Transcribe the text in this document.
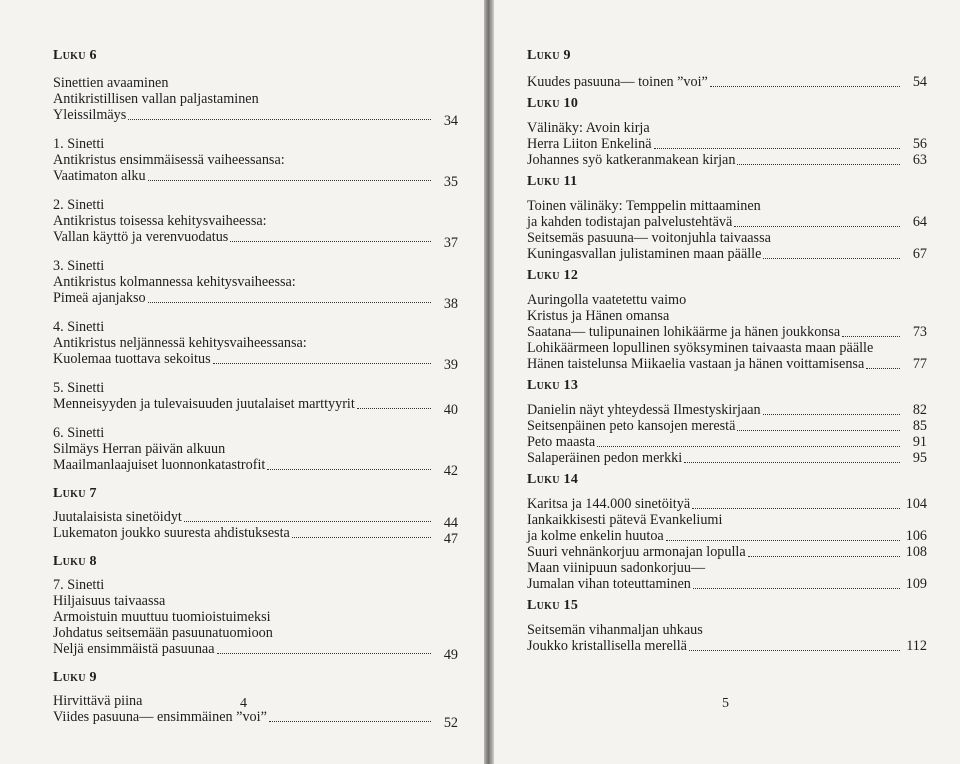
Luku 6
Sinettien avaaminen
Antikristillisen vallan paljastaminen
Yleissilmäys	34
1. Sinetti
Antikristus ensimmäisessä vaiheessansa:
Vaatimaton alku	35
2. Sinetti
Antikristus toisessa kehitysvaiheessa:
Vallan käyttö ja verenvuodatus	37
3. Sinetti
Antikristus kolmannessa kehitysvaiheessa:
Pimeä ajanjakso	38
4. Sinetti
Antikristus neljännessä kehitysvaiheessansa:
Kuolemaa tuottava sekoitus	39
5. Sinetti
Menneisyyden ja tulevaisuuden juutalaiset marttyyrit	40
6. Sinetti
Silmäys Herran päivän alkuun
Maailmanlaajuiset luonnonkatastrofit	42
Luku 7
Juutalaisista sinetöidyt	44
Lukematon joukko suuresta ahdistuksesta	47
Luku 8
7. Sinetti
Hiljaisuus taivaassa
Armoistuin muuttuu tuomioistuimeksi
Johdatus seitsemään pasuunatuomioon
Neljä ensimmäistä pasuunaa	49
Luku 9
Hirvittävä piina
Viides pasuuna— ensimmäinen ”voi”	52
4
Luku 9
Kuudes pasuuna— toinen ”voi”	54
Luku 10
Välinäky: Avoin kirja
Herra Liiton Enkelinä	56
Johannes syö katkeranmakean kirjan	63
Luku 11
Toinen välinäky: Temppelin mittaaminen
ja kahden todistajan palvelustehtävä	64
Seitsemäs pasuuna— voitonjuhla taivaassa
Kuningasvallan julistaminen maan päälle	67
Luku 12
Auringolla vaatetettu vaimo
Kristus ja Hänen omansa
Saatana— tulipunainen lohikäärme ja hänen joukkonsa	73
Lohikäärmeen lopullinen syöksyminen taivaasta maan päälle
Hänen taistelunsa Miikaelia vastaan ja hänen voittamisensa	77
Luku 13
Danielin näyt yhteydessä Ilmestyskirjaan	82
Seitsenpäinen peto kansojen merestä	85
Peto maasta	91
Salaperäinen pedon merkki	95
Luku 14
Karitsa ja 144.000 sinetöityä	104
Iankaikkisesti pätevä Evankeliumi
ja kolme enkelin huutoa	106
Suuri vehnänkorjuu armonajan lopulla	108
Maan viinipuun sadonkorjuu—
Jumalan vihan toteuttaminen	109
Luku 15
Seitsemän vihanmaljan uhkaus
Joukko kristallisella merellä	112
5
